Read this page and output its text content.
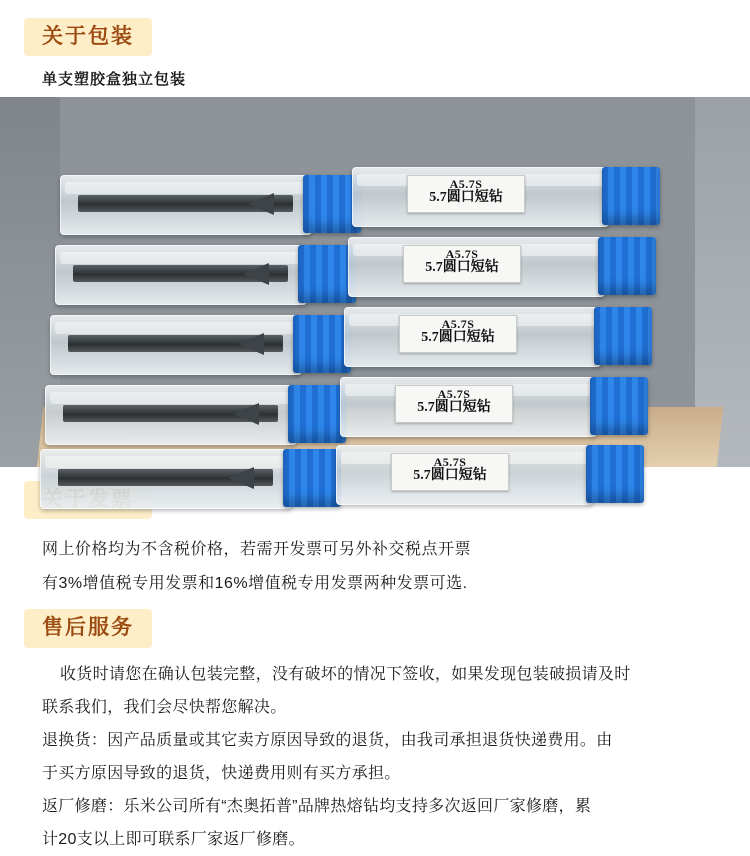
关于包装
单支塑胶盒独立包装
A5.7S
5.7圆口短钻
A5.7S
5.7圆口短钻
A5.7S
5.7圆口短钻
A5.7S
5.7圆口短钻
A5.7S
5.7圆口短钻
网上价格均为不含税价格，若需开发票可另外补交税点开票
有3%增值税专用发票和16%增值税专用发票两种发票可选.
售后服务
收货时请您在确认包装完整，没有破坏的情况下签收，如果发现包装破损请及时
联系我们，我们会尽快帮您解决。
退换货：因产品质量或其它卖方原因导致的退货，由我司承担退货快递费用。由
于买方原因导致的退货，快递费用则有买方承担。
返厂修磨：乐米公司所有“杰奥拓普”品牌热熔钻均支持多次返回厂家修磨，累
计20支以上即可联系厂家返厂修磨。
